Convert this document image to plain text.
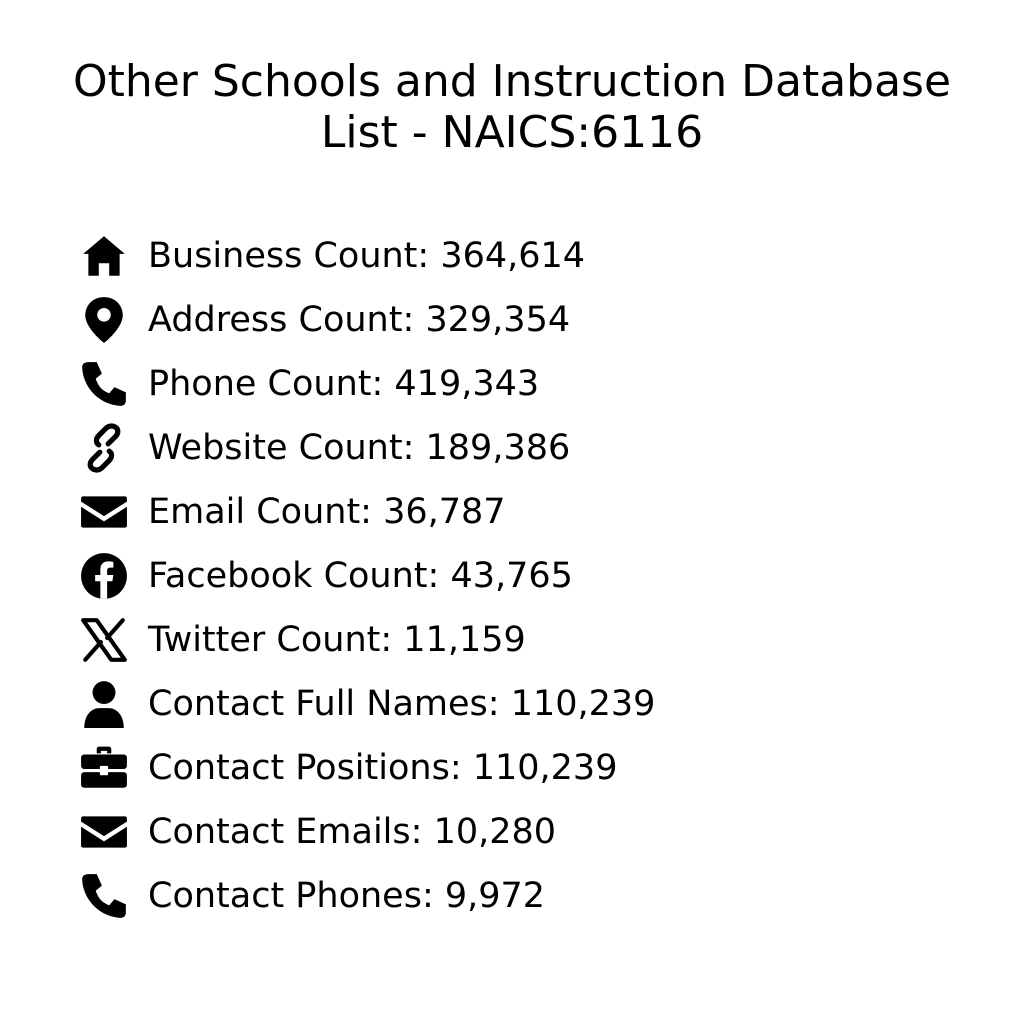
Other Schools and Instruction Database
List - NAICS:6116
Business Count: 364,614
Address Count: 329,354
Phone Count: 419,343
Website Count: 189,386
Email Count: 36,787
Facebook Count: 43,765
Twitter Count: 11,159
Contact Full Names: 110,239
Contact Positions: 110,239
Contact Emails: 10,280
Contact Phones: 9,972
